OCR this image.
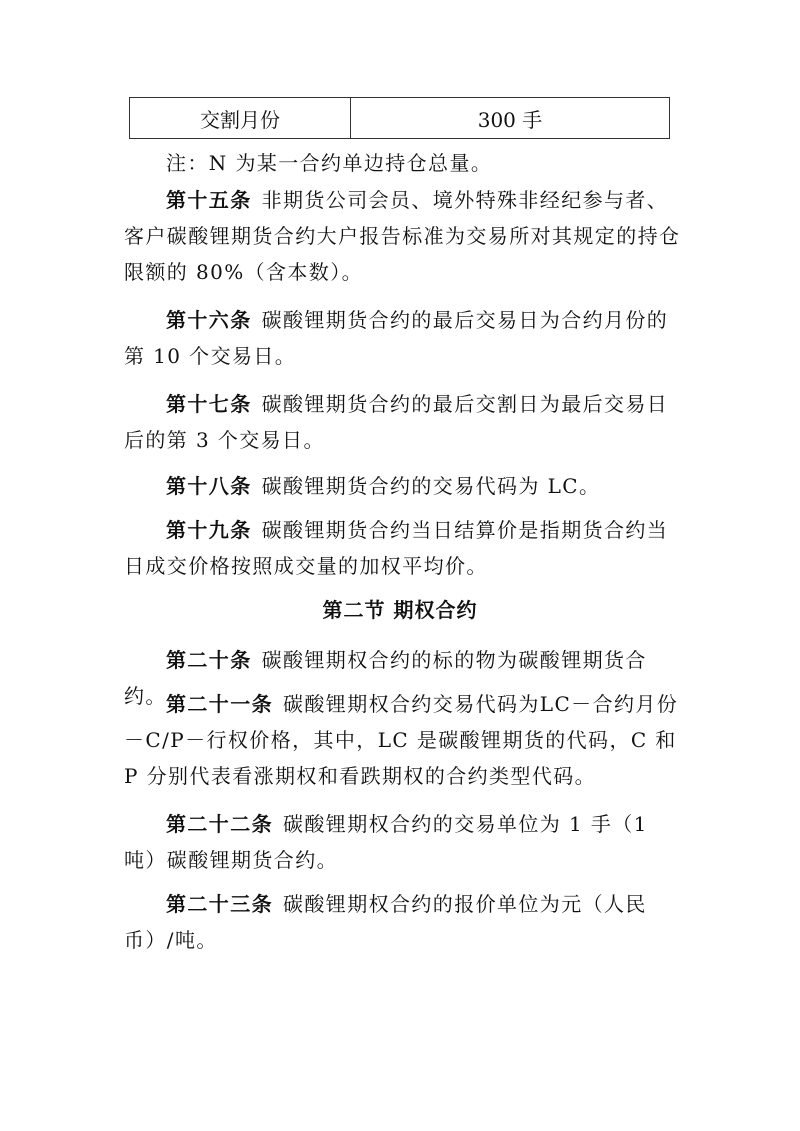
交割月份	300 手
注：N 为某一合约单边持仓总量。
第十五条 非期货公司会员、境外特殊非经纪参与者、客户碳酸锂期货合约大户报告标准为交易所对其规定的持仓限额的 80%（含本数）。
第十六条 碳酸锂期货合约的最后交易日为合约月份的第 10 个交易日。
第十七条 碳酸锂期货合约的最后交割日为最后交易日后的第 3 个交易日。
第十八条 碳酸锂期货合约的交易代码为 LC。
第十九条 碳酸锂期货合约当日结算价是指期货合约当日成交价格按照成交量的加权平均价。
第二节 期权合约
第二十条 碳酸锂期权合约的标的物为碳酸锂期货合约。 第二十一条 碳酸锂期权合约交易代码为LC－合约月份－C/P－行权价格，其中，LC 是碳酸锂期货的代码，C 和 P 分别代表看涨期权和看跌期权的合约类型代码。
第二十二条 碳酸锂期权合约的交易单位为 1 手（1 吨）碳酸锂期货合约。
第二十三条 碳酸锂期权合约的报价单位为元（人民币）/吨。
